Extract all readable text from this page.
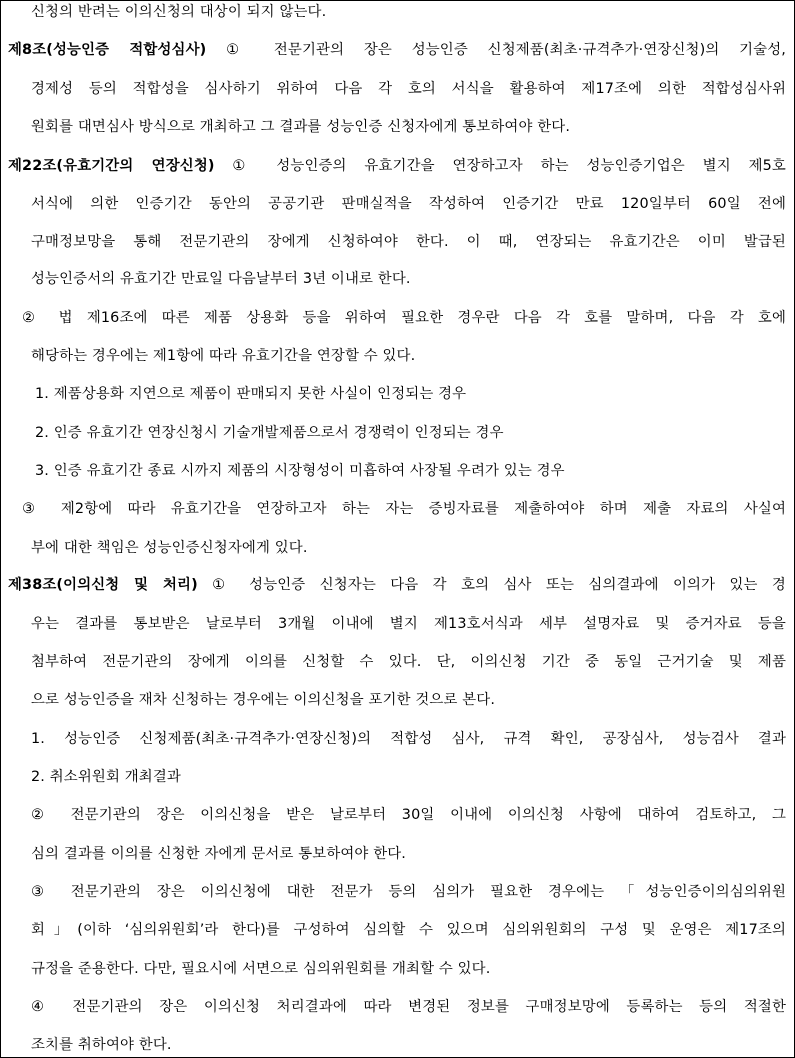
신청의 반려는 이의신청의 대상이 되지 않는다.
제8조(성능인증 적합성심사) ① 전문기관의 장은 성능인증 신청제품(최초·규격추가·연장신청)의 기술성,
경제성 등의 적합성을 심사하기 위하여 다음 각 호의 서식을 활용하여 제17조에 의한 적합성심사위
원회를 대면심사 방식으로 개최하고 그 결과를 성능인증 신청자에게 통보하여야 한다.
제22조(유효기간의 연장신청) ① 성능인증의 유효기간을 연장하고자 하는 성능인증기업은 별지 제5호
서식에 의한 인증기간 동안의 공공기관 판매실적을 작성하여 인증기간 만료 120일부터 60일 전에
구매정보망을 통해 전문기관의 장에게 신청하여야 한다. 이 때, 연장되는 유효기간은 이미 발급된
성능인증서의 유효기간 만료일 다음날부터 3년 이내로 한다.
② 법 제16조에 따른 제품 상용화 등을 위하여 필요한 경우란 다음 각 호를 말하며, 다음 각 호에
해당하는 경우에는 제1항에 따라 유효기간을 연장할 수 있다.
1. 제품상용화 지연으로 제품이 판매되지 못한 사실이 인정되는 경우
2. 인증 유효기간 연장신청시 기술개발제품으로서 경쟁력이 인정되는 경우
3. 인증 유효기간 종료 시까지 제품의 시장형성이 미흡하여 사장될 우려가 있는 경우
③ 제2항에 따라 유효기간을 연장하고자 하는 자는 증빙자료를 제출하여야 하며 제출 자료의 사실여
부에 대한 책임은 성능인증신청자에게 있다.
제38조(이의신청 및 처리) ① 성능인증 신청자는 다음 각 호의 심사 또는 심의결과에 이의가 있는 경
우는 결과를 통보받은 날로부터 3개월 이내에 별지 제13호서식과 세부 설명자료 및 증거자료 등을
첨부하여 전문기관의 장에게 이의를 신청할 수 있다. 단, 이의신청 기간 중 동일 근거기술 및 제품
으로 성능인증을 재차 신청하는 경우에는 이의신청을 포기한 것으로 본다.
1. 성능인증 신청제품(최초·규격추가·연장신청)의 적합성 심사, 규격 확인, 공장심사, 성능검사 결과
2. 취소위원회 개최결과
② 전문기관의 장은 이의신청을 받은 날로부터 30일 이내에 이의신청 사항에 대하여 검토하고, 그
심의 결과를 이의를 신청한 자에게 문서로 통보하여야 한다.
③ 전문기관의 장은 이의신청에 대한 전문가 등의 심의가 필요한 경우에는 「성능인증이의심의위원
회」(이하 ‘심의위원회’라 한다)를 구성하여 심의할 수 있으며 심의위원회의 구성 및 운영은 제17조의
규정을 준용한다. 다만, 필요시에 서면으로 심의위원회를 개최할 수 있다.
④ 전문기관의 장은 이의신청 처리결과에 따라 변경된 정보를 구매정보망에 등록하는 등의 적절한
조치를 취하여야 한다.
